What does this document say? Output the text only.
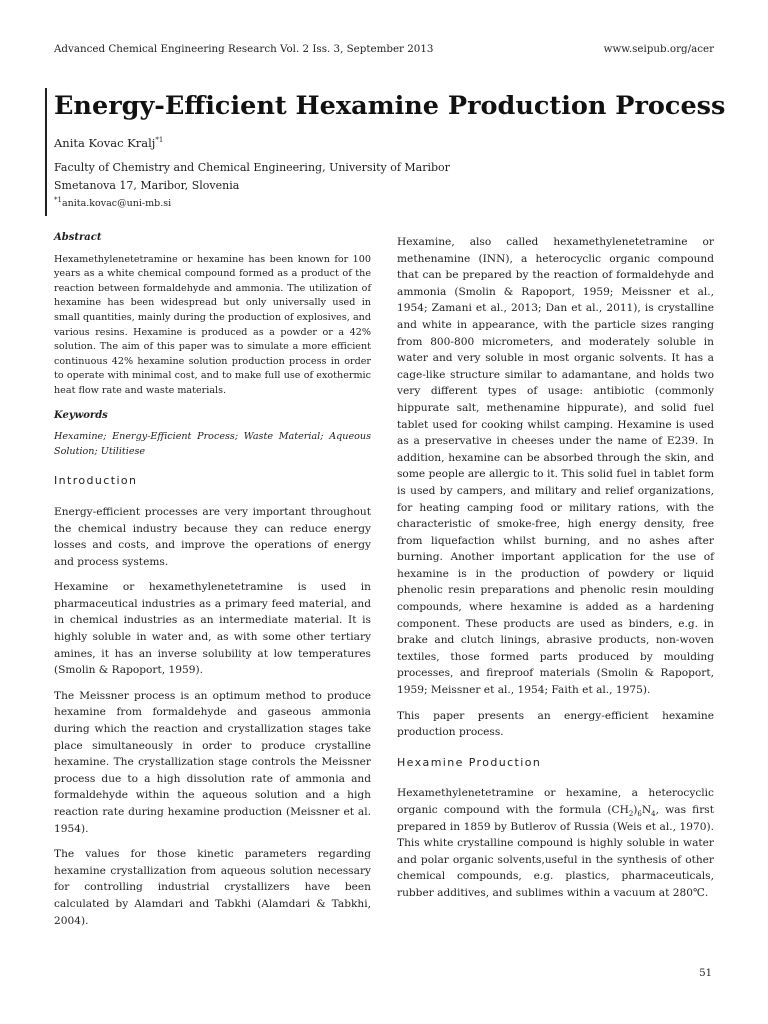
Advanced Chemical Engineering Research Vol. 2 Iss. 3, September 2013	www.seipub.org/acer
Energy-Efficient Hexamine Production Process
Anita Kovac Kralj$^{*1}$
Faculty of Chemistry and Chemical Engineering, University of Maribor
Smetanova 17, Maribor, Slovenia
$^{*1}$anita.kovac@uni-mb.si
Abstract

Hexamethylenetetramine or hexamine has been known for 100 years as a white chemical compound formed as a product of the reaction between formaldehyde and ammonia. The utilization of hexamine has been widespread but only universally used in small quantities, mainly during the production of explosives, and various resins. Hexamine is produced as a powder or a 42% solution. The aim of this paper was to simulate a more efficient continuous 42% hexamine solution production process in order to operate with minimal cost, and to make full use of exothermic heat flow rate and waste materials.

Keywords

Hexamine; Energy-Efficient Process; Waste Material; Aqueous Solution; Utilitiese

Introduction

Energy-efficient processes are very important throughout the chemical industry because they can reduce energy losses and costs, and improve the operations of energy and process systems.

Hexamine or hexamethylenetetramine is used in pharmaceutical industries as a primary feed material, and in chemical industries as an intermediate material. It is highly soluble in water and, as with some other tertiary amines, it has an inverse solubility at low temperatures (Smolin & Rapoport, 1959).

The Meissner process is an optimum method to produce hexamine from formaldehyde and gaseous ammonia during which the reaction and crystallization stages take place simultaneously in order to produce crystalline hexamine. The crystallization stage controls the Meissner process due to a high dissolution rate of ammonia and formaldehyde within the aqueous solution and a high reaction rate during hexamine production (Meissner et al. 1954).

The values for those kinetic parameters regarding hexamine crystallization from aqueous solution necessary for controlling industrial crystallizers have been calculated by Alamdari and Tabkhi (Alamdari & Tabkhi, 2004).

Hexamine, also called hexamethylenetetramine or methenamine (INN), a heterocyclic organic compound that can be prepared by the reaction of formaldehyde and ammonia (Smolin & Rapoport, 1959; Meissner et al., 1954; Zamani et al., 2013; Dan et al., 2011), is crystalline and white in appearance, with the particle sizes ranging from 800-800 micrometers, and moderately soluble in water and very soluble in most organic solvents. It has a cage-like structure similar to adamantane, and holds two very different types of usage: antibiotic (commonly hippurate salt, methenamine hippurate), and solid fuel tablet used for cooking whilst camping. Hexamine is used as a preservative in cheeses under the name of E239. In addition, hexamine can be absorbed through the skin, and some people are allergic to it. This solid fuel in tablet form is used by campers, and military and relief organizations, for heating camping food or military rations, with the characteristic of smoke-free, high energy density, free from liquefaction whilst burning, and no ashes after burning. Another important application for the use of hexamine is in the production of powdery or liquid phenolic resin preparations and phenolic resin moulding compounds, where hexamine is added as a hardening component. These products are used as binders, e.g. in brake and clutch linings, abrasive products, non-woven textiles, those formed parts produced by moulding processes, and fireproof materials (Smolin & Rapoport, 1959; Meissner et al., 1954; Faith et al., 1975).

This paper presents an energy-efficient hexamine production process.

Hexamine Production

Hexamethylenetetramine or hexamine, a heterocyclic organic compound with the formula $(CH_2)_6N_4$, was first prepared in 1859 by Butlerov of Russia (Weis et al., 1970). This white crystalline compound is highly soluble in water and polar organic solvents,useful in the synthesis of other chemical compounds, e.g. plastics, pharmaceuticals, rubber additives, and sublimes within a vacuum at 280℃.

51
